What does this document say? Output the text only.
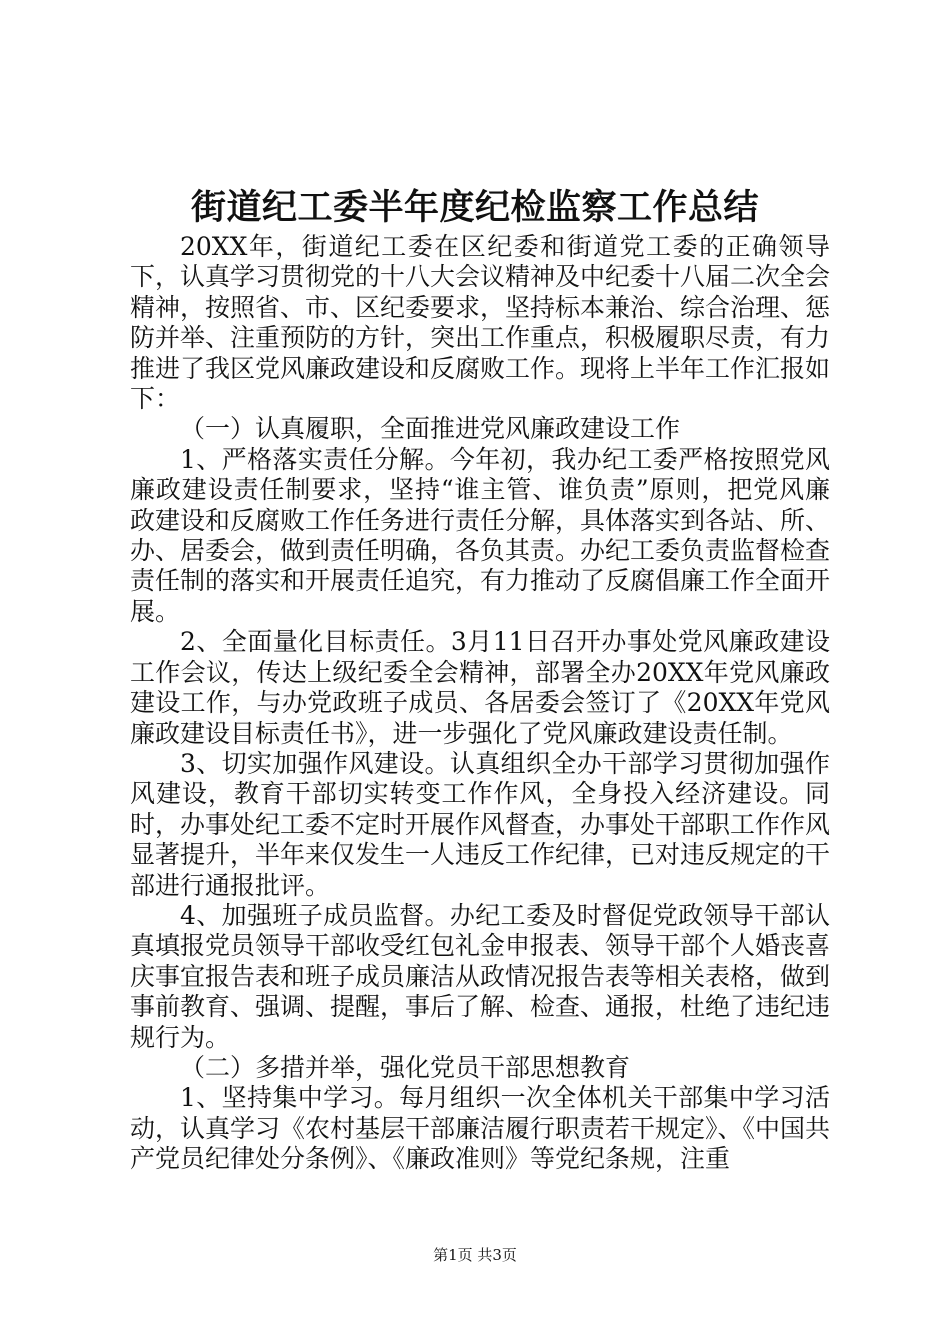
街道纪工委半年度纪检监察工作总结

20XX年，街道纪工委在区纪委和街道党工委的正确领导下，认真学习贯彻党的十八大会议精神及中纪委十八届二次全会精神，按照省、市、区纪委要求，坚持标本兼治、综合治理、惩防并举、注重预防的方针，突出工作重点，积极履职尽责，有力推进了我区党风廉政建设和反腐败工作。现将上半年工作汇报如下：

（一）认真履职，全面推进党风廉政建设工作

1、严格落实责任分解。今年初，我办纪工委严格按照党风廉政建设责任制要求，坚持“谁主管、谁负责”原则，把党风廉政建设和反腐败工作任务进行责任分解，具体落实到各站、所、办、居委会，做到责任明确，各负其责。办纪工委负责监督检查责任制的落实和开展责任追究，有力推动了反腐倡廉工作全面开展。

2、全面量化目标责任。3月11日召开办事处党风廉政建设工作会议，传达上级纪委全会精神，部署全办20XX年党风廉政建设工作，与办党政班子成员、各居委会签订了《20XX年党风廉政建设目标责任书》，进一步强化了党风廉政建设责任制。

3、切实加强作风建设。认真组织全办干部学习贯彻加强作风建设，教育干部切实转变工作作风，全身投入经济建设。同时，办事处纪工委不定时开展作风督查，办事处干部职工作作风显著提升，半年来仅发生一人违反工作纪律，已对违反规定的干部进行通报批评。

4、加强班子成员监督。办纪工委及时督促党政领导干部认真填报党员领导干部收受红包礼金申报表、领导干部个人婚丧喜庆事宜报告表和班子成员廉洁从政情况报告表等相关表格，做到事前教育、强调、提醒，事后了解、检查、通报，杜绝了违纪违规行为。

（二）多措并举，强化党员干部思想教育

1、坚持集中学习。每月组织一次全体机关干部集中学习活动，认真学习《农村基层干部廉洁履行职责若干规定》、《中国共产党员纪律处分条例》、《廉政准则》等党纪条规，注重

第1页 共3页
